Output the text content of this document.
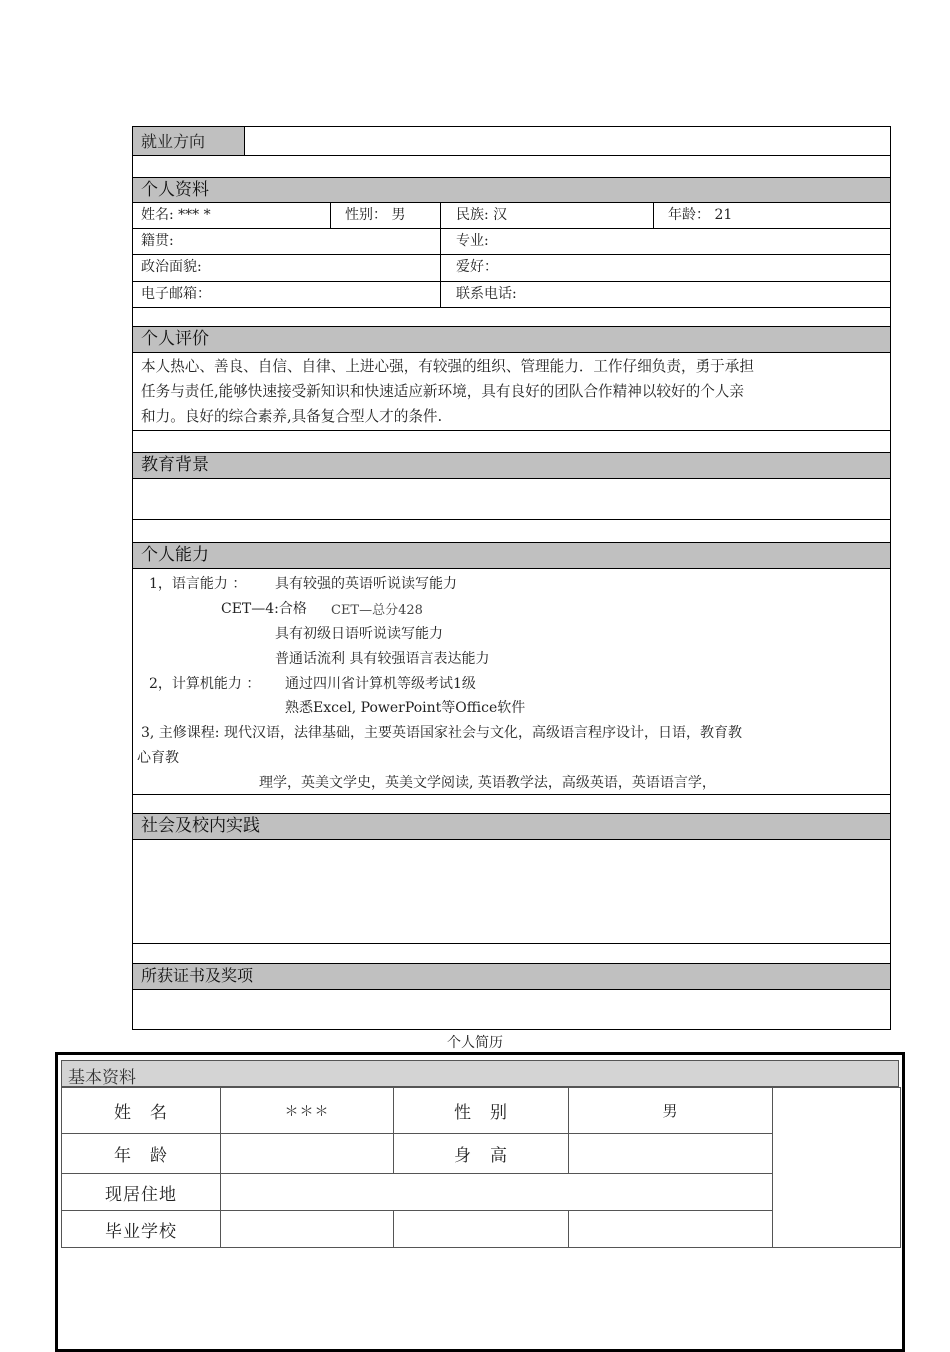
就业方向
个人资料
姓名: *** *	性别： 男	民族: 汉	年龄： 21
籍贯:	专业:
政治面貌:	爱好：
电子邮箱：	联系电话:
个人评价
本人热心、善良、自信、自律、上进心强，有较强的组织、管理能力．工作仔细负责，勇于承担
任务与责任,能够快速接受新知识和快速适应新环境，具有良好的团队合作精神以较好的个人亲
和力。良好的综合素养,具备复合型人才的条件.
教育背景
个人能力
1，语言能力 ： 具有较强的英语听说读写能力
CET—4:合格 CET—总分428
具有初级日语听说读写能力
普通话流利 具有较强语言表达能力
2，计算机能力 ： 通过四川省计算机等级考试1级
熟悉Excel, PowerPoint等Office软件
3, 主修课程: 现代汉语，法律基础，主要英语国家社会与文化，高级语言程序设计，日语，教育教
心育教
理学，英美文学史，英美文学阅读, 英语教学法，高级英语，英语语言学，
社会及校内实践
所获证书及奖项
个人简历
基本资料
姓　名	＊＊＊	性　别	男	
年　龄		身　高		
现居住地				
毕业学校				
